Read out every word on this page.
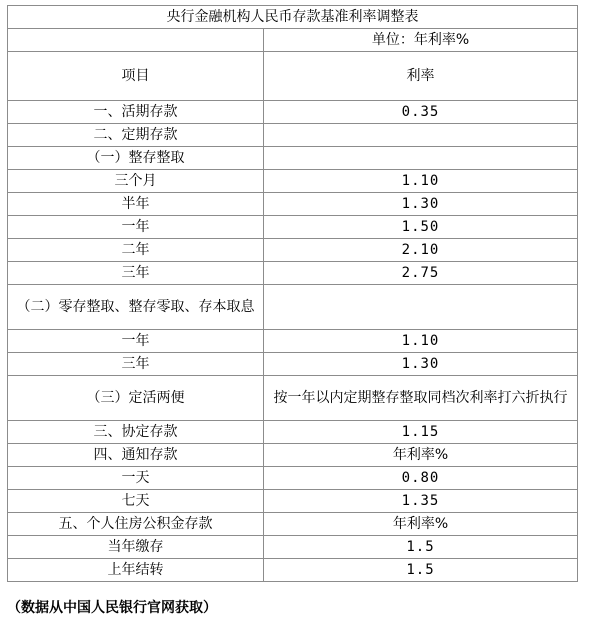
央行金融机构人民币存款基准利率调整表	
	单位：年利率%
项目	利率
一、活期存款	0.35
二、定期存款	
（一）整存整取	
三个月	1.10
半年	1.30
一年	1.50
二年	2.10
三年	2.75
（二）零存整取、整存零取、存本取息	
一年	1.10
三年	1.30
（三）定活两便	按一年以内定期整存整取同档次利率打六折执行
三、协定存款	1.15
四、通知存款	年利率%
一天	0.80
七天	1.35
五、个人住房公积金存款	年利率%
当年缴存	1.5
上年结转	1.5
（数据从中国人民银行官网获取）
